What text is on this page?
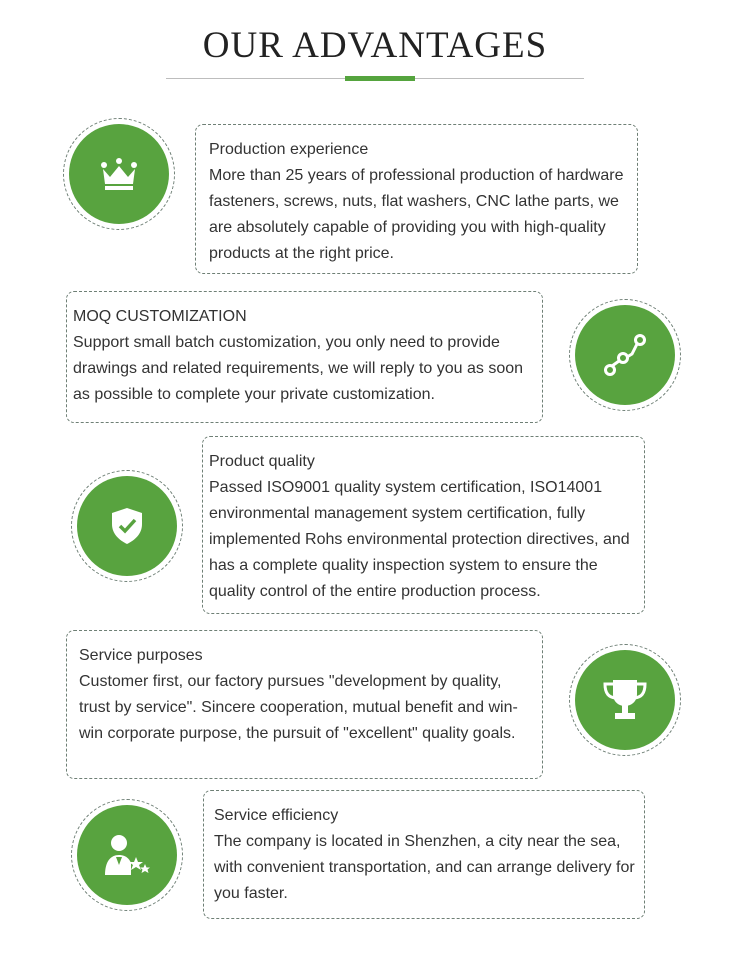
OUR ADVANTAGES
Production experience
More than 25 years of professional production of hardware fasteners, screws, nuts, flat washers, CNC lathe parts, we are absolutely capable of providing you with high-quality products at the right price.
MOQ CUSTOMIZATION
Support small batch customization, you only need to provide drawings and related requirements, we will reply to you as soon as possible to complete your private customization.
Product quality
Passed ISO9001 quality system certification, ISO14001 environmental management system certification, fully implemented Rohs environmental protection directives, and has a complete quality inspection system to ensure the quality control of the entire production process.
Service purposes
Customer first, our factory pursues "development by quality, trust by service". Sincere cooperation, mutual benefit and win-win corporate purpose, the pursuit of "excellent" quality goals.
Service efficiency
The company is located in Shenzhen, a city near the sea, with convenient transportation, and can arrange delivery for you faster.
